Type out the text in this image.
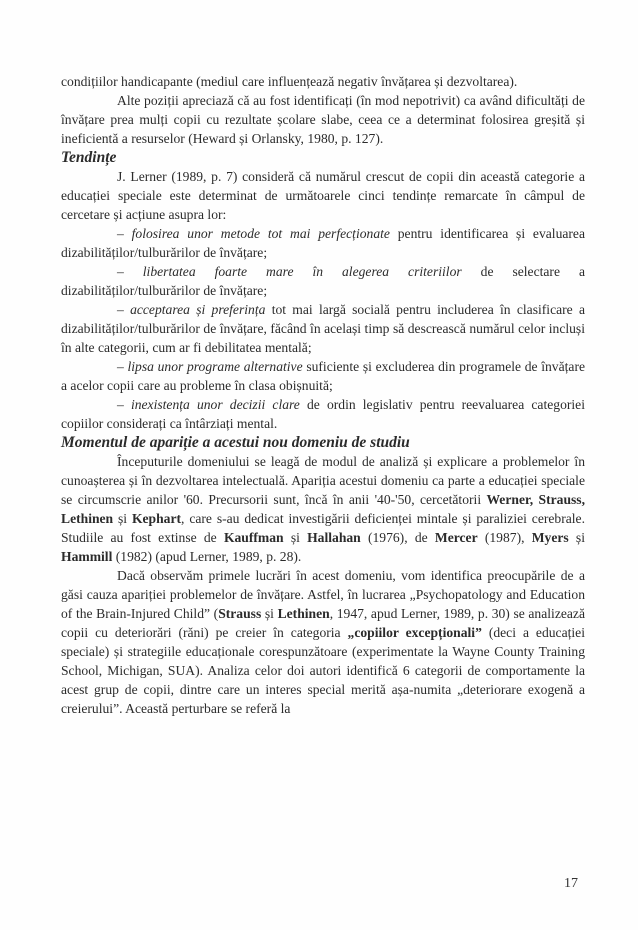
condițiilor handicapante (mediul care influențează negativ învățarea și dezvoltarea).

Alte poziții apreciază că au fost identificați (în mod nepotrivit) ca având dificultăți de învățare prea mulți copii cu rezultate școlare slabe, ceea ce a determinat folosirea greșită și ineficientă a resurselor (Heward și Orlansky, 1980, p. 127).

Tendințe

J. Lerner (1989, p. 7) consideră că numărul crescut de copii din această categorie a educației speciale este determinat de următoarele cinci tendințe remarcate în câmpul de cercetare și acțiune asupra lor:

– folosirea unor metode tot mai perfecționate pentru identificarea și evaluarea dizabilităților/tulburărilor de învățare;

– libertatea foarte mare în alegerea criteriilor de selectare a dizabilităților/tulburărilor de învățare;

– acceptarea și preferința tot mai largă socială pentru includerea în clasificare a dizabilităților/tulburărilor de învățare, făcând în același timp să descrească numărul celor incluși în alte categorii, cum ar fi debilitatea mentală;

– lipsa unor programe alternative suficiente și excluderea din programele de învățare a acelor copii care au probleme în clasa obișnuită;

– inexistența unor decizii clare de ordin legislativ pentru reevaluarea categoriei copiilor considerați ca întârziați mental.

Momentul de apariție a acestui nou domeniu de studiu

Începuturile domeniului se leagă de modul de analiză și explicare a problemelor în cunoașterea și în dezvoltarea intelectuală. Apariția acestui domeniu ca parte a educației speciale se circumscrie anilor '60. Precursorii sunt, încă în anii '40-'50, cercetătorii Werner, Strauss, Lethinen și Kephart, care s-au dedicat investigării deficienței mintale și paraliziei cerebrale. Studiile au fost extinse de Kauffman și Hallahan (1976), de Mercer (1987), Myers și Hammill (1982) (apud Lerner, 1989, p. 28).

Dacă observăm primele lucrări în acest domeniu, vom identifica preocupările de a găsi cauza apariției problemelor de învățare. Astfel, în lucrarea „Psychopatology and Education of the Brain-Injured Child” (Strauss și Lethinen, 1947, apud Lerner, 1989, p. 30) se analizează copii cu deteriorări (răni) pe creier în categoria „copiilor excepționali” (deci a educației speciale) și strategiile educaționale corespunzătoare (experimentate la Wayne County Training School, Michigan, SUA). Analiza celor doi autori identifică 6 categorii de comportamente la acest grup de copii, dintre care un interes special merită așa-numita „deteriorare exogenă a creierului”. Această perturbare se referă la

17
